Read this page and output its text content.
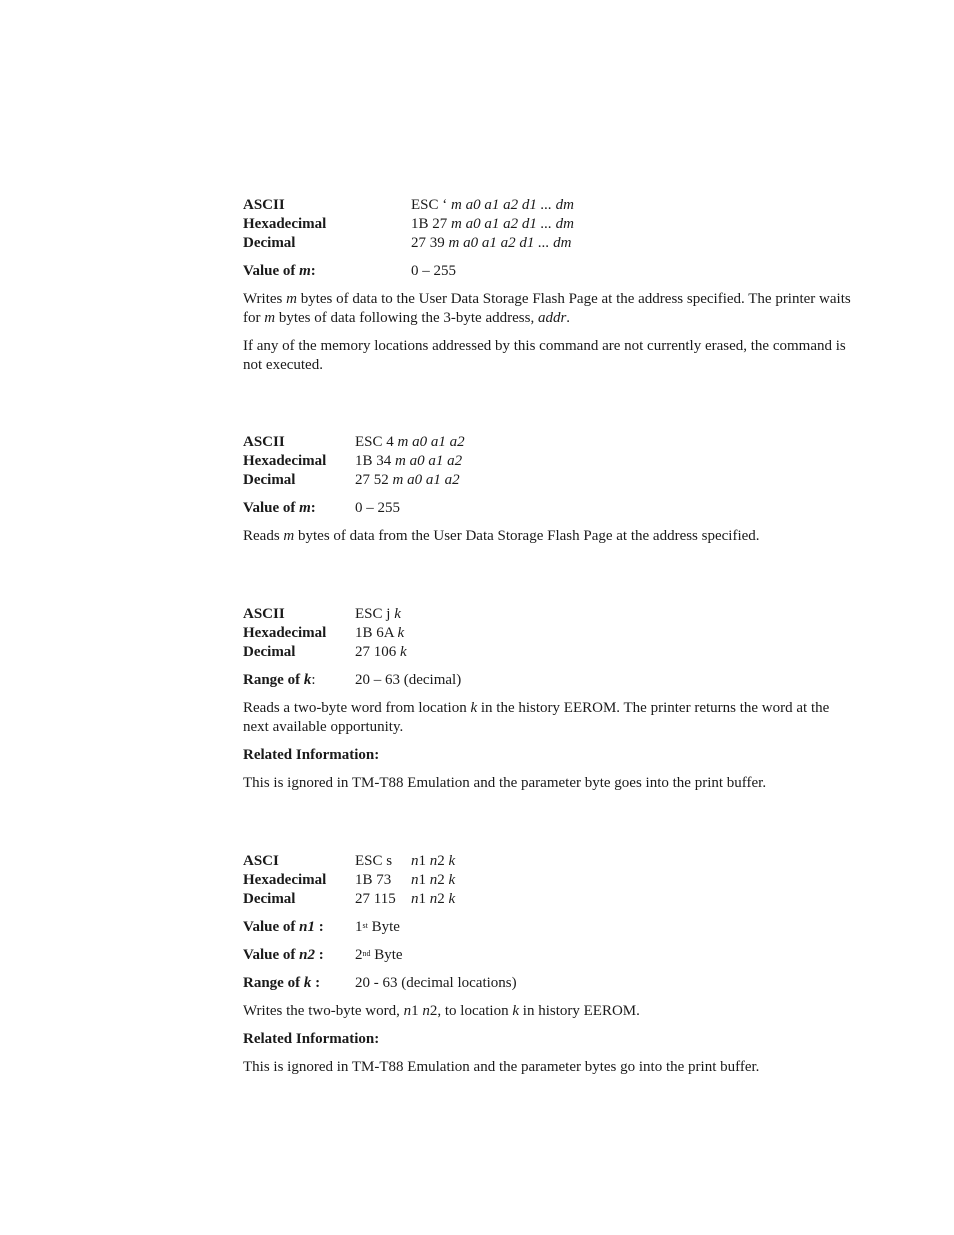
ASCII	ESC ‘ m a0 a1 a2 d1 ... dm
Hexadecimal	1B 27 m a0 a1 a2 d1 ... dm
Decimal	27 39 m a0 a1 a2 d1 ... dm
Value of m:	0 – 255

Writes m bytes of data to the User Data Storage Flash Page at the address specified. The printer waits for m bytes of data following the 3-byte address, addr.

If any of the memory locations addressed by this command are not currently erased, the command is not executed.

ASCII	ESC 4 m a0 a1 a2
Hexadecimal 1B 34 m a0 a1 a2
Decimal	27 52 m a0 a1 a2
Value of m:	0 – 255

Reads m bytes of data from the User Data Storage Flash Page at the address specified.

ASCII	ESC j k
Hexadecimal 1B 6A k
Decimal	27 106 k
Range of k:	20 – 63 (decimal)

Reads a two-byte word from location k in the history EEROM. The printer returns the word at the next available opportunity.

Related Information:

This is ignored in TM-T88 Emulation and the parameter byte goes into the print buffer.

ASCI	ESC s n1 n2 k
Hexadecimal 1B 73 n1 n2 k
Decimal	27 115 n1 n2 k
Value of n1 : 1st Byte
Value of n2 : 2nd Byte
Range of k : 20 - 63 (decimal locations)

Writes the two-byte word, n1 n2, to location k in history EEROM.

Related Information:

This is ignored in TM-T88 Emulation and the parameter bytes go into the print buffer.
